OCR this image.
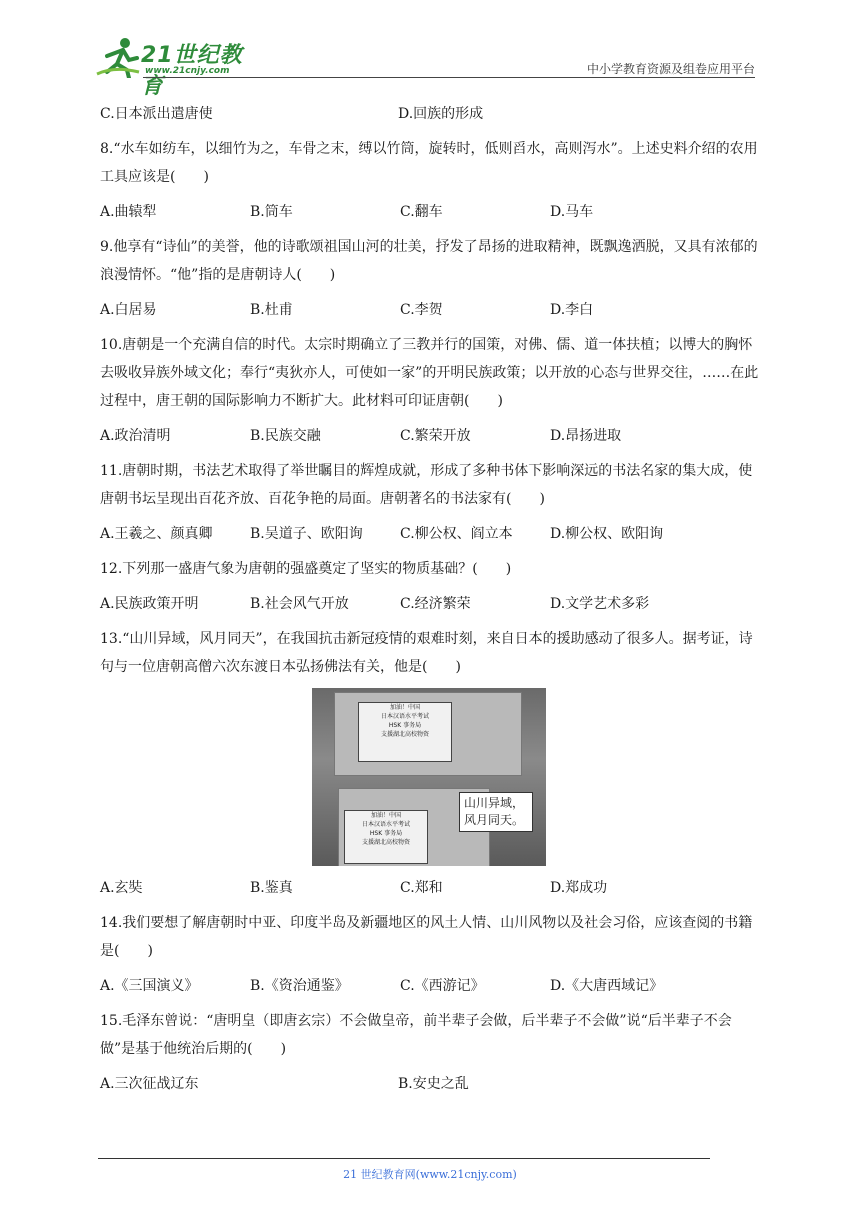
21世纪教育
www.21cnjy.com	中小学教育资源及组卷应用平台
C.日本派出遣唐使	D.回族的形成
8.“水车如纺车，以细竹为之，车骨之末，缚以竹筒，旋转时，低则舀水，高则泻水”。上述史料介绍的农用工具应该是(　　)
A.曲辕犁	B.筒车	C.翻车	D.马车
9.他享有“诗仙”的美誉，他的诗歌颂祖国山河的壮美，抒发了昂扬的进取精神，既飘逸洒脱，又具有浓郁的浪漫情怀。“他”指的是唐朝诗人(　　)
A.白居易	B.杜甫	C.李贺	D.李白
10.唐朝是一个充满自信的时代。太宗时期确立了三教并行的国策，对佛、儒、道一体扶植；以博大的胸怀去吸收异族外域文化；奉行“夷狄亦人，可使如一家”的开明民族政策；以开放的心态与世界交往，……在此过程中，唐王朝的国际影响力不断扩大。此材料可印证唐朝(　　)
A.政治清明	B.民族交融	C.繁荣开放	D.昂扬进取
11.唐朝时期，书法艺术取得了举世瞩目的辉煌成就，形成了多种书体下影响深远的书法名家的集大成，使唐朝书坛呈现出百花齐放、百花争艳的局面。唐朝著名的书法家有(　　)
A.王羲之、颜真卿	B.吴道子、欧阳询	C.柳公权、阎立本	D.柳公权、欧阳询
12.下列那一盛唐气象为唐朝的强盛奠定了坚实的物质基础？(　　)
A.民族政策开明	B.社会风气开放	C.经济繁荣	D.文学艺术多彩
13.“山川异域，风月同天”，在我国抗击新冠疫情的艰难时刻，来自日本的援助感动了很多人。据考证，诗句与一位唐朝高僧六次东渡日本弘扬佛法有关，他是(　　)
加油！中国
日本汉语水平考试
HSK 事务局
支援湖北高校物资
加油！中国
日本汉语水平考试
HSK 事务局
支援湖北高校物资
山川异域，
风月同天。
A.玄奘	B.鉴真	C.郑和	D.郑成功
14.我们要想了解唐朝时中亚、印度半岛及新疆地区的风土人情、山川风物以及社会习俗，应该查阅的书籍是(　　)
A.《三国演义》	B.《资治通鉴》	C.《西游记》	D.《大唐西域记》
15.毛泽东曾说：“唐明皇（即唐玄宗）不会做皇帝，前半辈子会做，后半辈子不会做”说“后半辈子不会做”是基于他统治后期的(　　)
A.三次征战辽东	B.安史之乱
21 世纪教育网(www.21cnjy.com)
